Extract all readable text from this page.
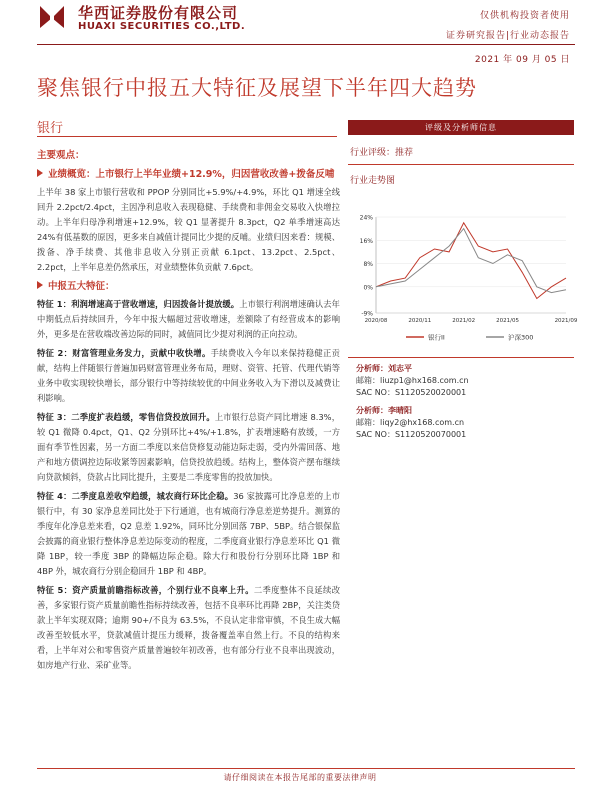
华西证券股份有限公司
HUAXI SECURITIES CO.,LTD.
仅供机构投资者使用
证券研究报告|行业动态报告
2021 年 09 月 05 日
聚焦银行中报五大特征及展望下半年四大趋势
银行
主要观点：
业绩概览：上市银行上半年业绩+12.9%，归因营收改善+拨备反哺

上半年 38 家上市银行营收和 PPOP 分别同比+5.9%/+4.9%，环比 Q1 增速全线回升 2.2pct/2.4pct，主因净利息收入表现稳健、手续费和非佣金交易收入快增拉动。上半年归母净利增速+12.9%，较 Q1 显著提升 8.3pct，Q2 单季增速高达 24%有低基数的原因，更多来自减值计提同比少提的反哺。业绩归因来看：规模、拨备、净手续费、其他非息收入分别正贡献 6.1pct、13.2pct、2.5pct、2.2pct，上半年息差仍然承压，对业绩整体负贡献 7.6pct。

中报五大特征：

特征 1：利润增速高于营收增速，归因拨备计提放缓。上市银行利润增速确认去年中期低点后持续回升，今年中报大幅超过营收增速，差额除了有经营成本的影响外，更多是在营收端改善边际的同时，减值同比少提对利润的正向拉动。

特征 2：财富管理业务发力，贡献中收快增。手续费收入今年以来保持稳健正贡献，结构上伴随银行普遍加码财富管理业务布局，理财、资管、托管、代理代销等业务中收实现较快增长，部分银行中等持续较优的中间业务收入为下滑以及减费让利影响。

特征 3：二季度扩表趋缓，零售信贷投放回升。上市银行总资产同比增速 8.3%，较 Q1 微降 0.4pct，Q1、Q2 分别环比+4%/+1.8%，扩表增速略有放缓，一方面有季节性因素，另一方面二季度以来信贷修复动能边际走弱，受内外需回落、地产和地方债调控边际收紧等因素影响，信贷投放趋缓。结构上，整体资产摆布继续向贷款倾斜，贷款占比同比提升，主要是二季度零售的投放加快。

特征 4：二季度息差收窄趋缓，城农商行环比企稳。36 家披露可比净息差的上市银行中，有 30 家净息差同比处于下行通道，也有城商行净息差逆势提升。测算的季度年化净息差来看，Q2 息差 1.92%，同环比分别回落 7BP、5BP。结合银保监会披露的商业银行整体净息差边际变动的程度，二季度商业银行净息差环比 Q1 微降 1BP，较一季度 3BP 的降幅边际企稳。除大行和股份行分别环比降 1BP 和 4BP 外，城农商行分别企稳回升 1BP 和 4BP。

特征 5：资产质量前瞻指标改善，个别行业不良率上升。二季度整体不良延续改善，多家银行资产质量前瞻性指标持续改善，包括不良率环比再降 2BP，关注类贷款上半年实现双降；逾期 90+/不良为 63.5%，不良认定非常审慎，不良生成大幅改善至较低水平，贷款减值计提压力缓释，拨备覆盖率自然上行。不良的结构来看，上半年对公和零售资产质量普遍较年初改善，也有部分行业不良率出现波动，如房地产行业、采矿业等。

评级及分析师信息
行业评级：推荐
行业走势图
-9%
0%
8%
16%
24%
2020/08	2020/11	2021/02	2021/05	2021/09
银行II	沪深300
分析师：刘志平
邮箱：liuzp1@hx168.com.cn
SAC NO：S1120520020001
分析师：李晴阳
邮箱：liqy2@hx168.com.cn
SAC NO：S1120520070001
请仔细阅读在本报告尾部的重要法律声明
